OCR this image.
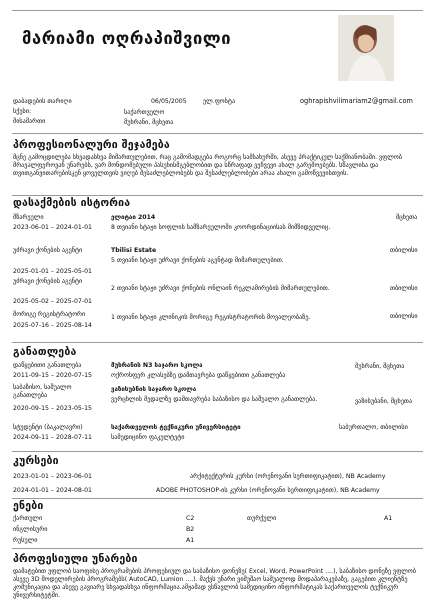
მარიამი ოღრაპიშვილი
დაბადების თარიღი	06/05/2005	ელ.ფოსტა	oghrapishvilimariam2@gmail.com
სქესი:	საქართველო
მისამართი	მუხრანი, მცხეთა
პროფესიონალური შეჯამება
მცნე გამოცდილება სხვადასხვა მიმართულებით, რაც გამომადგება როგორც სამსახურში, ასევე პრაქტიკულ საქმიანობაში. ვფლობ მრავალფეროვან უნარებს, ვარ მონდომებული პასუხისმგებლობით და სწრაფად ვეჩვევი ახალ გარემოებებს. სწავლისა და თვითგანვითარებისკენ ყოველთვის ვიღებ შესაძლებლობებს და შესაძლებლობები არაა ახალი გამოწვევისთვის.
დასაქმების ისტორია
მზარეული
2023-06-01 – 2024-01-01
ელიტაი 2014
8 თვიანი სტაჟი სოფლის სამზარეულოში კოორდინაციისას მიმზიდველიც.
მცხეთა
უძრავი ქონების აგენტი
2025-01-01 – 2025-05-01
Tbilisi Estate
5 თვიანი სტაჟი უძრავი ქონების აგენტად მიმართულებით.
თბილისი
უძრავი ქონების აგენტი
2025-05-02 – 2025-07-01
2 თვიანი სტაჟი უძრავი ქონების ონლაინ რეკლამირების მიმართულებით.	თბილისი
მორიგე რეგისტრატორი
2025-07-16 – 2025-08-14
1 თვიანი სტაჟი კლინიკის მორიგე რეგისტრატორის მოვალეობაზე.	თბილისი
განათლება
დაწყებითი განათლება
2011-09-15 – 2020-07-15
მუხრანის N3 საჯარო სკოლა
ოქროსფერ კლასებზე დამთავრება დაწყებითი განათლება
მუხრანი, მცხეთა
საბაზისო, საშუალო განათლება
2020-09-15 – 2023-05-15
ვაზისუბნის საჯარო სკოლა
ვერცხლის მედალზე დამთავრება საბაზისო და საშუალო განათლება.	ვაზისუბანი, მცხეთა
სტუდენტი (ბაკალავრი)
2024-09-11 – 2028-07-11
საქართველოს ტექნიკური უნივერსიტეტი
სამედიცინო ფაკულტეტი
საბურთალო, თბილისი
კურსები
2023-01-01 – 2023-06-01	არქიტექტურის კურსი (ორენოვანი სერთიფიკატით), NB Academy
2024-01-01 – 2024-08-01	ADOBE PHOTOSHOP-ის კურსი (ორენოვანი სერთიფიკატით), NB Academy
ენები
ქართული	C2
ინგლისური	B2
რუსული	A1
თურქული	A1
პროფესიული უნარები
დამატებით ვფლობ საოფისე პროგრამების პროფესიულ და საბაზისო დონეზე( Excel, Word, PowerPoint ....), საბაზისო დონეზე ვფლობ ასევე 3D მოდელირების პროგრამებს( AutoCAD, Lumion ....). მაქვს უნარი ვიმუშაო საშუალოდ მოდაპარაკებაზე, გაგებით კლიენტზე კომუნიკაცია და ასევე გავიარე სხვადასხვა ინფორმაცია.ამჟამად ვსწავლობ სამედიცინო ინფორმატიკას საქართველოს ტექნიკურ უნივერსიტეტში.
